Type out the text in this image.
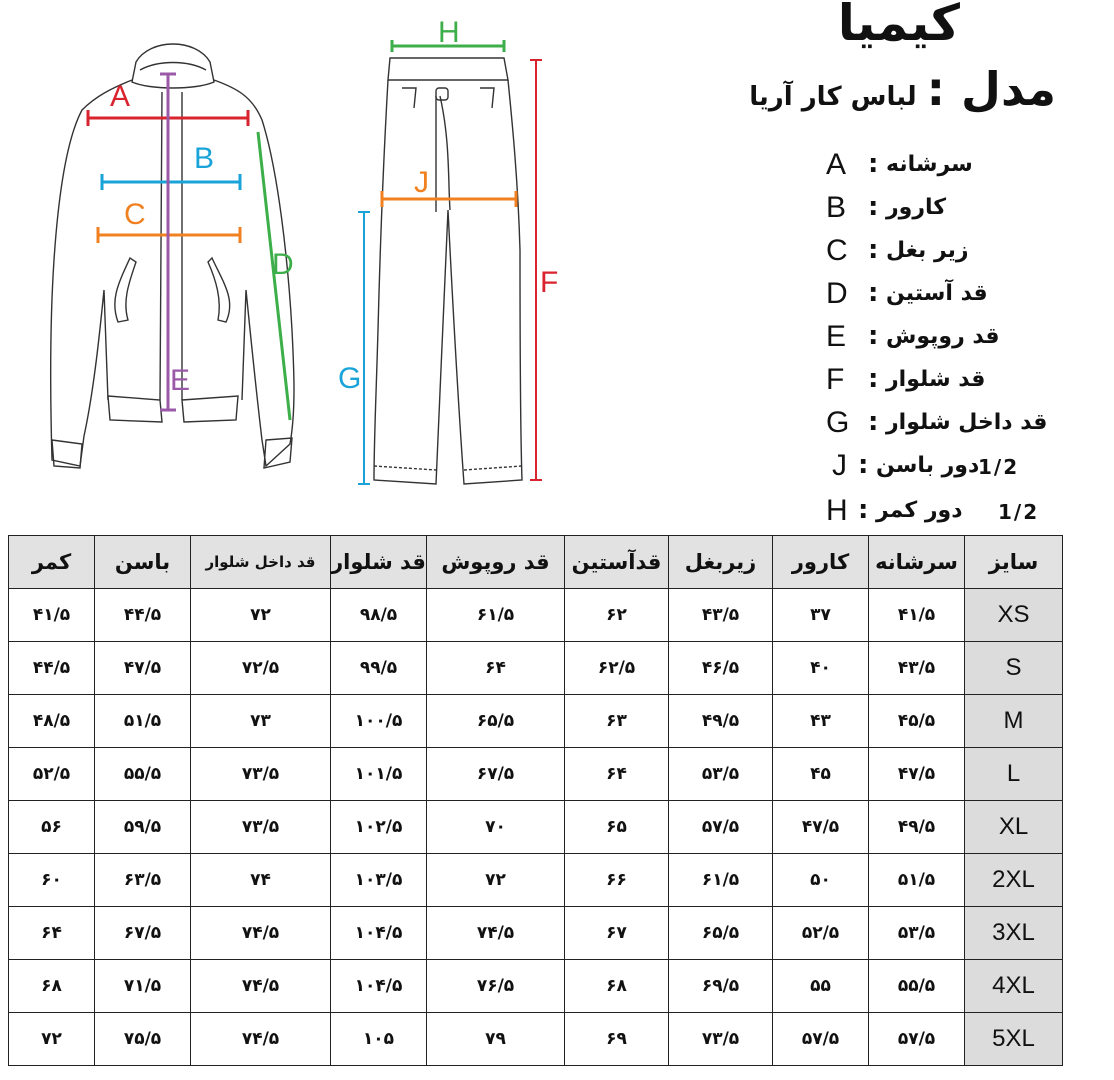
کیمیا
مدل :
لباس کار آریا
A : سرشانه
B : کارور
C : زیر بغل
D : قد آستین
E : قد روپوش
F : قد شلوار
G : قد داخل شلوار
J :	1/2
دور باسن
H :	1/2
دور کمر
A
B
C
D
E
H
J
F
G
کمر	باسن	قد داخل شلوار	قد شلوار	قد روپوش	قدآستین	زیربغل	کارور	سرشانه	سایز
۴۱/۵	۴۴/۵	۷۲	۹۸/۵	۶۱/۵	۶۲	۴۳/۵	۳۷	۴۱/۵	XS
۴۴/۵	۴۷/۵	۷۲/۵	۹۹/۵	۶۴	۶۲/۵	۴۶/۵	۴۰	۴۳/۵	S
۴۸/۵	۵۱/۵	۷۳	۱۰۰/۵	۶۵/۵	۶۳	۴۹/۵	۴۳	۴۵/۵	M
۵۲/۵	۵۵/۵	۷۳/۵	۱۰۱/۵	۶۷/۵	۶۴	۵۳/۵	۴۵	۴۷/۵	L
۵۶	۵۹/۵	۷۳/۵	۱۰۲/۵	۷۰	۶۵	۵۷/۵	۴۷/۵	۴۹/۵	XL
۶۰	۶۳/۵	۷۴	۱۰۳/۵	۷۲	۶۶	۶۱/۵	۵۰	۵۱/۵	2XL
۶۴	۶۷/۵	۷۴/۵	۱۰۴/۵	۷۴/۵	۶۷	۶۵/۵	۵۲/۵	۵۳/۵	3XL
۶۸	۷۱/۵	۷۴/۵	۱۰۴/۵	۷۶/۵	۶۸	۶۹/۵	۵۵	۵۵/۵	4XL
۷۲	۷۵/۵	۷۴/۵	۱۰۵	۷۹	۶۹	۷۳/۵	۵۷/۵	۵۷/۵	5XL
